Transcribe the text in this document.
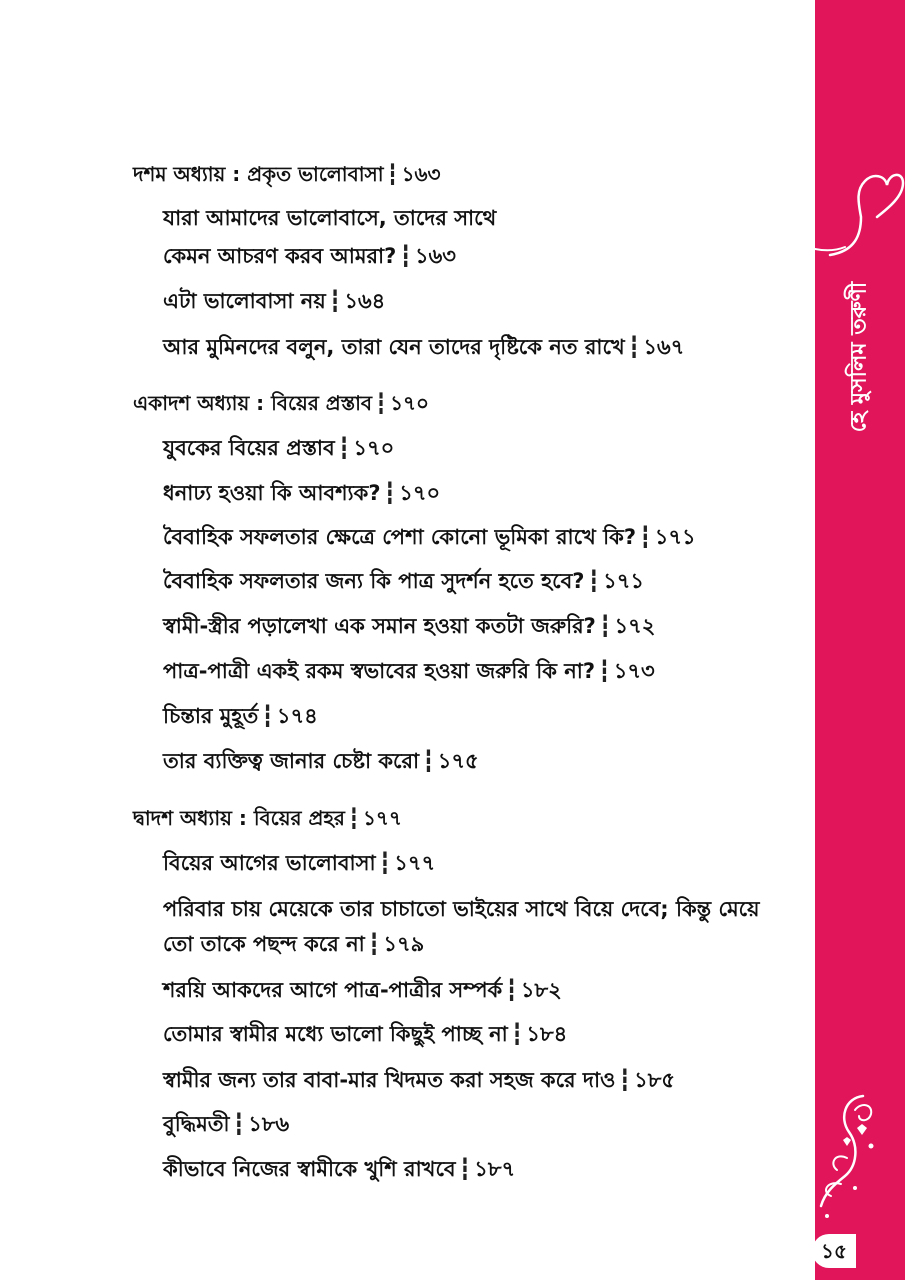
দশম অধ্যায় : প্রকৃত ভালোবাসা ┇ ১৬৩
যারা আমাদের ভালোবাসে, তাদের সাথে
কেমন আচরণ করব আমরা? ┇ ১৬৩
এটা ভালোবাসা নয় ┇ ১৬৪
আর মুমিনদের বলুন, তারা যেন তাদের দৃষ্টিকে নত রাখে ┇ ১৬৭
একাদশ অধ্যায় : বিয়ের প্রস্তাব ┇ ১৭০
যুবকের বিয়ের প্রস্তাব ┇ ১৭০
ধনাঢ্য হওয়া কি আবশ্যক? ┇ ১৭০
বৈবাহিক সফলতার ক্ষেত্রে পেশা কোনো ভূমিকা রাখে কি? ┇ ১৭১
বৈবাহিক সফলতার জন্য কি পাত্র সুদর্শন হতে হবে? ┇ ১৭১
স্বামী-স্ত্রীর পড়ালেখা এক সমান হওয়া কতটা জরুরি? ┇ ১৭২
পাত্র-পাত্রী একই রকম স্বভাবের হওয়া জরুরি কি না? ┇ ১৭৩
চিন্তার মুহূর্ত ┇ ১৭৪
তার ব্যক্তিত্ব জানার চেষ্টা করো ┇ ১৭৫
দ্বাদশ অধ্যায় : বিয়ের প্রহর ┇ ১৭৭
বিয়ের আগের ভালোবাসা ┇ ১৭৭
পরিবার চায় মেয়েকে তার চাচাতো ভাইয়ের সাথে বিয়ে দেবে; কিন্তু মেয়ে
তো তাকে পছন্দ করে না ┇ ১৭৯
শরয়ি আকদের আগে পাত্র-পাত্রীর সম্পর্ক ┇ ১৮২
তোমার স্বামীর মধ্যে ভালো কিছুই পাচ্ছ না ┇ ১৮৪
স্বামীর জন্য তার বাবা-মার খিদমত করা সহজ করে দাও ┇ ১৮৫
বুদ্ধিমতী ┇ ১৮৬
কীভাবে নিজের স্বামীকে খুশি রাখবে ┇ ১৮৭
হে মুসলিম তরুণী
১৫
